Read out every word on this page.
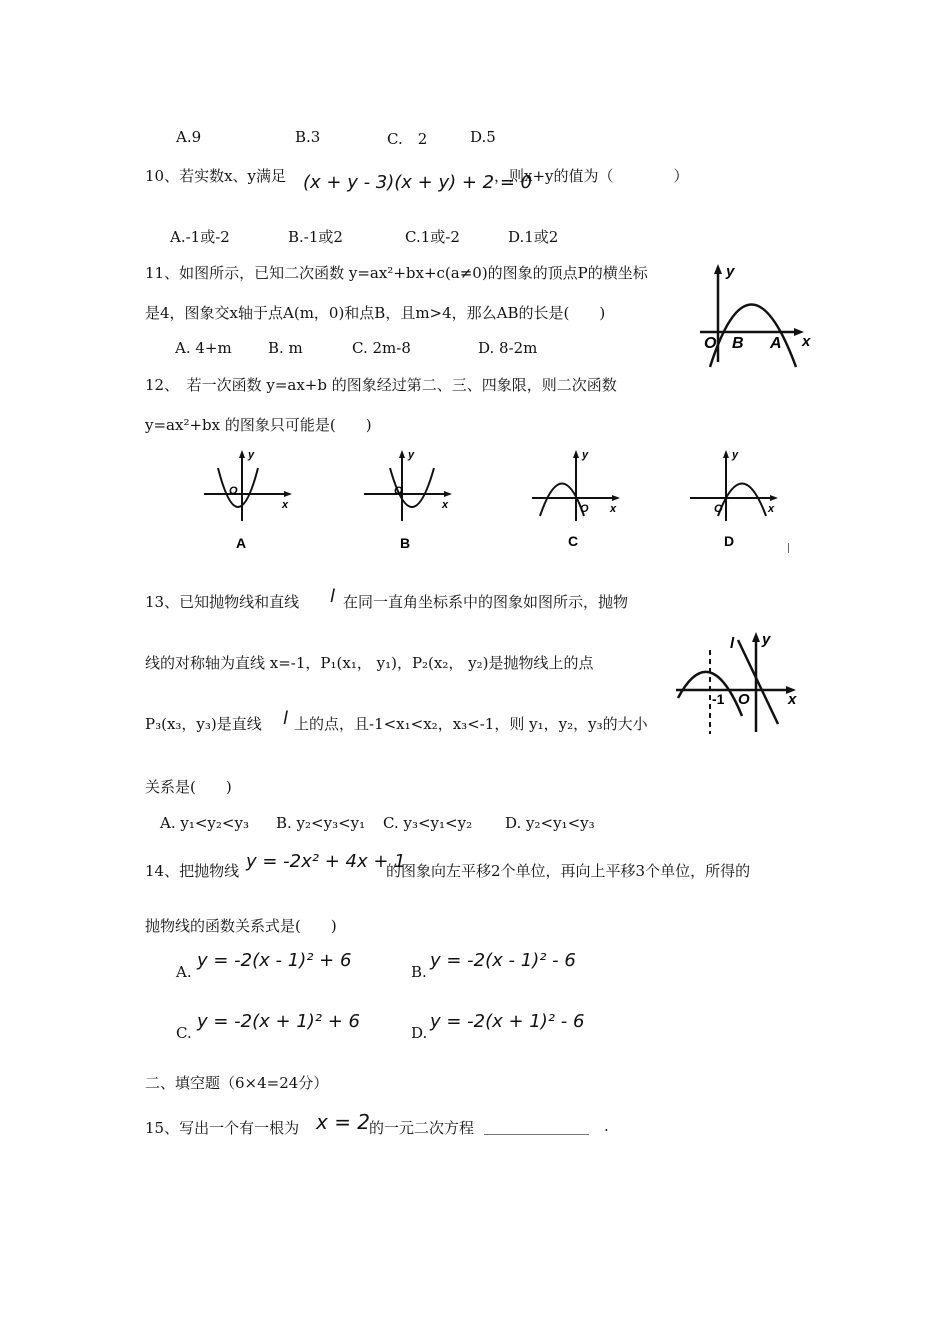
A.9	B.3	C.　2	D.5
10、若实数x、y满足 (x + y - 3)(x + y) + 2 = 0
，则x+y的值为（　　　　）
A.-1或-2	B.-1或2	C.1或-2	D.1或2
11、如图所示，已知二次函数 y=ax²+bx+c(a≠0)的图象的顶点P的横坐标
是4，图象交x轴于点A(m，0)和点B，且m>4，那么AB的长是(　　)
A. 4+m B. m	C. 2m-8	D. 8-2m
y
x
O B A
12、　若一次函数 y=ax+b 的图象经过第二、三、四象限，则二次函数
y=ax²+bx 的图象只可能是(　　)
y
x
O
A
y
x
O
B
y
x
O
C
y
x
O
D
13、已知抛物线和直线 l 在同一直角坐标系中的图象如图所示，抛物
线的对称轴为直线 x=-1，P₁(x₁， y₁)，P₂(x₂， y₂)是抛物线上的点
P₃(x₃，y₃)是直线 l 上的点，且-1<x₁<x₂，x₃<-1，则 y₁，y₂，y₃的大小
关系是(　　)
A. y₁<y₂<y₃ B. y₂<y₃<y₁ C. y₃<y₁<y₂ D. y₂<y₁<y₃
l y
x
-1 O
14、把抛物线 y = -2x² + 4x + 1
的图象向左平移2个单位，再向上平移3个单位，所得的
抛物线的函数关系式是(　　)
A.
y = -2(x - 1)² + 6
B.
y = -2(x - 1)² - 6
C.
y = -2(x + 1)² + 6
D.
y = -2(x + 1)² - 6
二、填空题（6×4=24分）
15、写出一个有一根为 x = 2
的一元二次方程 ______________ .
